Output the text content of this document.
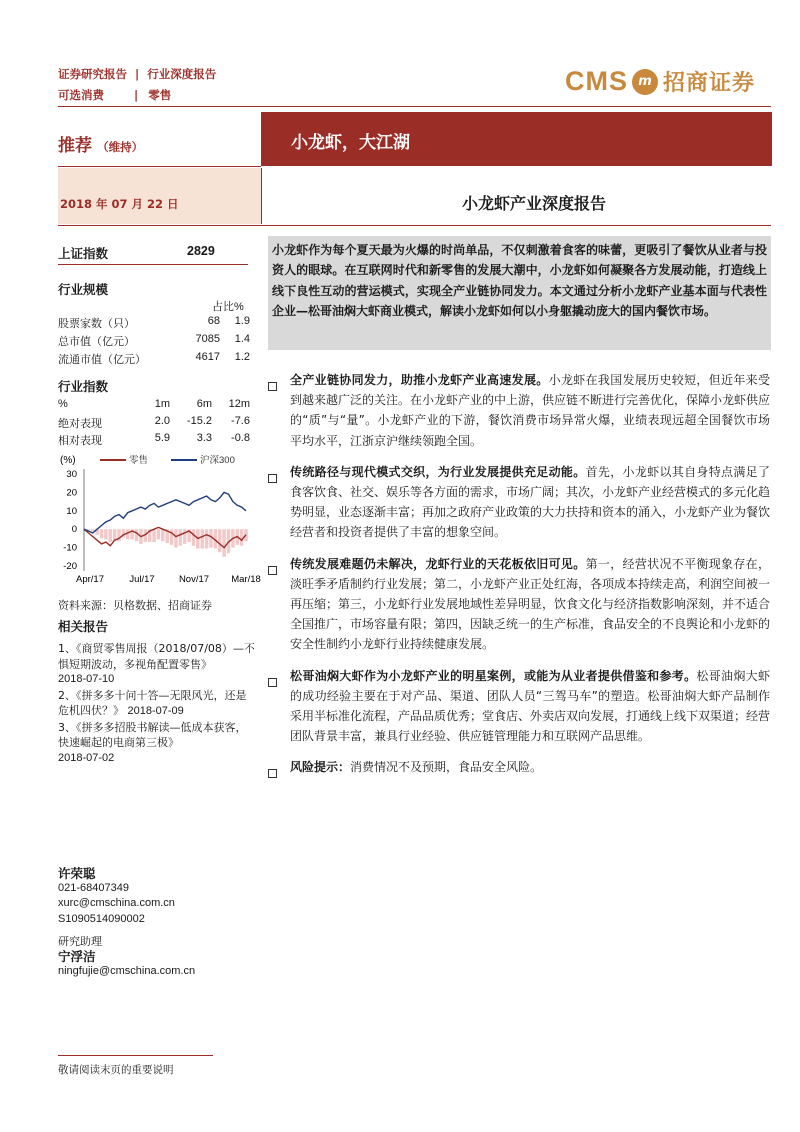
证券研究报告 | 行业深度报告
可选消费	| 零售	CMS m 招商证券
推荐 （维持）	小龙虾，大江湖
2018 年 07 月 22 日	小龙虾产业深度报告
上证指数	2829
行业规模
占比%
股票家数（只）	68	1.9
总市值（亿元）	7085	1.4
流通市值（亿元）	4617	1.2
行业指数
%	1m	6m	12m
绝对表现	2.0	-15.2	-7.6
相对表现	5.9	3.3	-0.8
(%)	零售	沪深300
30
20
10
0
-10
-20
Apr/17	Jul/17	Nov/17 Mar/18
资料来源：贝格数据、招商证券
相关报告
1、《商贸零售周报（2018/07/08）—不惧短期波动，多视角配置零售》
2018-07-10
2、《拼多多十问十答—无限风光，还是危机四伏？》 2018-07-09
3、《拼多多招股书解读—低成本获客，快速崛起的电商第三极》
2018-07-02
许荣聪
021-68407349
xurc@cmschina.com.cn
S1090514090002
研究助理
宁浮洁
ningfujie@cmschina.com.cn
小龙虾作为每个夏天最为火爆的时尚单品，不仅刺激着食客的味蕾，更吸引了餐饮从业者与投资人的眼球。在互联网时代和新零售的发展大潮中，小龙虾如何凝聚各方发展动能，打造线上线下良性互动的营运模式，实现全产业链协同发力。本文通过分析小龙虾产业基本面与代表性企业—松哥油焖大虾商业模式，解读小龙虾如何以小身躯撬动庞大的国内餐饮市场。
全产业链协同发力，助推小龙虾产业高速发展。小龙虾在我国发展历史较短，但近年来受到越来越广泛的关注。在小龙虾产业的中上游，供应链不断进行完善优化，保障小龙虾供应的“质”与“量”。小龙虾产业的下游，餐饮消费市场异常火爆，业绩表现远超全国餐饮市场平均水平，江浙京沪继续领跑全国。
传统路径与现代模式交织，为行业发展提供充足动能。首先，小龙虾以其自身特点满足了食客饮食、社交、娱乐等各方面的需求，市场广阔；其次，小龙虾产业经营模式的多元化趋势明显，业态逐渐丰富；再加之政府产业政策的大力扶持和资本的涌入，小龙虾产业为餐饮经营者和投资者提供了丰富的想象空间。
传统发展难题仍未解决，龙虾行业的天花板依旧可见。第一，经营状况不平衡现象存在，淡旺季矛盾制约行业发展；第二，小龙虾产业正处红海，各项成本持续走高，利润空间被一再压缩；第三，小龙虾行业发展地域性差异明显，饮食文化与经济指数影响深刻，并不适合全国推广，市场容量有限；第四，因缺乏统一的生产标准，食品安全的不良舆论和小龙虾的安全性制约小龙虾行业持续健康发展。
松哥油焖大虾作为小龙虾产业的明星案例，或能为从业者提供借鉴和参考。松哥油焖大虾的成功经验主要在于对产品、渠道、团队人员“三驾马车”的塑造。松哥油焖大虾产品制作采用半标准化流程，产品品质优秀；堂食店、外卖店双向发展，打通线上线下双渠道；经营团队背景丰富，兼具行业经验、供应链管理能力和互联网产品思维。
风险提示：消费情况不及预期，食品安全风险。
敬请阅读末页的重要说明
